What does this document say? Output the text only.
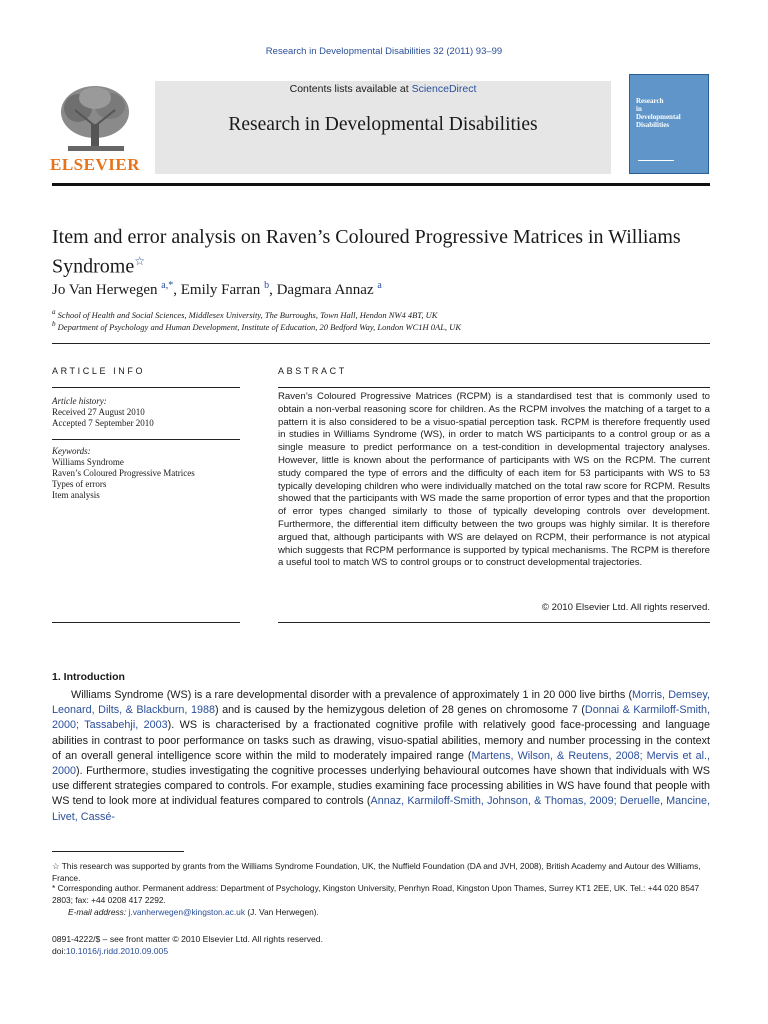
Research in Developmental Disabilities 32 (2011) 93–99
ELSEVIER
Contents lists available at ScienceDirect
Research in Developmental Disabilities
Research
in
Developmental
Disabilities
Item and error analysis on Raven’s Coloured Progressive Matrices in Williams Syndrome☆
Jo Van Herwegen $^{a,*}$, Emily Farran $^b$, Dagmara Annaz $^a$
$^a$ School of Health and Social Sciences, Middlesex University, The Burroughs, Town Hall, Hendon NW4 4BT, UK
$^b$ Department of Psychology and Human Development, Institute of Education, 20 Bedford Way, London WC1H 0AL, UK
ARTICLE INFO	ABSTRACT
Article history:
Received 27 August 2010
Accepted 7 September 2010
Keywords:
Williams Syndrome
Raven’s Coloured Progressive Matrices
Types of errors
Item analysis
Raven’s Coloured Progressive Matrices (RCPM) is a standardised test that is commonly used to obtain a non-verbal reasoning score for children. As the RCPM involves the matching of a target to a pattern it is also considered to be a visuo-spatial perception task. RCPM is therefore frequently used in studies in Williams Syndrome (WS), in order to match WS participants to a control group or as a single measure to predict performance on a test-condition in developmental trajectory analyses. However, little is known about the performance of participants with WS on the RCPM. The current study compared the type of errors and the difficulty of each item for 53 participants with WS to 53 typically developing children who were individually matched on the total raw score for RCPM. Results showed that the participants with WS made the same proportion of error types and that the proportion of error types changed similarly to those of typically developing controls over development. Furthermore, the differential item difficulty between the two groups was highly similar. It is therefore argued that, although participants with WS are delayed on RCPM, their performance is not atypical which suggests that RCPM performance is supported by typical mechanisms. The RCPM is therefore a useful tool to match WS to control groups or to construct developmental trajectories.
© 2010 Elsevier Ltd. All rights reserved.
1. Introduction

Williams Syndrome (WS) is a rare developmental disorder with a prevalence of approximately 1 in 20 000 live births (Morris, Demsey, Leonard, Dilts, & Blackburn, 1988) and is caused by the hemizygous deletion of 28 genes on chromosome 7 (Donnai & Karmiloff-Smith, 2000; Tassabehji, 2003). WS is characterised by a fractionated cognitive profile with relatively good face-processing and language abilities in contrast to poor performance on tasks such as drawing, visuo-spatial abilities, memory and number processing in the context of an overall general intelligence score within the mild to moderately impaired range (Martens, Wilson, & Reutens, 2008; Mervis et al., 2000). Furthermore, studies investigating the cognitive processes underlying behavioural outcomes have shown that individuals with WS use different strategies compared to controls. For example, studies examining face processing abilities in WS have found that people with WS tend to look more at individual features compared to controls (Annaz, Karmiloff-Smith, Johnson, & Thomas, 2009; Deruelle, Mancine, Livet, Cassé-

☆ This research was supported by grants from the Williams Syndrome Foundation, UK, the Nuffield Foundation (DA and JVH, 2008), British Academy and Autour des Williams, France.
* Corresponding author. Permanent address: Department of Psychology, Kingston University, Penrhyn Road, Kingston Upon Thames, Surrey KT1 2EE, UK. Tel.: +44 020 8547 2803; fax: +44 0208 417 2292.
E-mail address: j.vanherwegen@kingston.ac.uk (J. Van Herwegen).
0891-4222/$ – see front matter © 2010 Elsevier Ltd. All rights reserved.
doi:10.1016/j.ridd.2010.09.005
